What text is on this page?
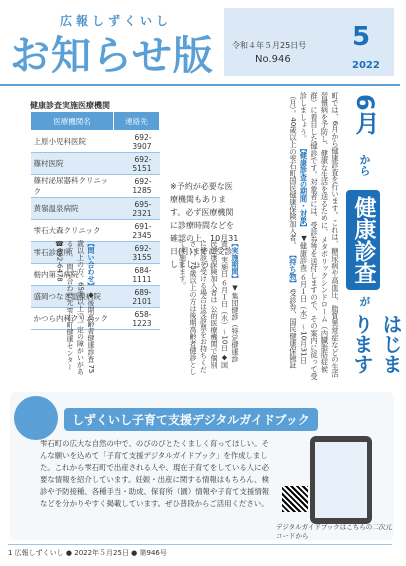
広報しずくいし
お知らせ版 令和４年５月25日号
No.946
5
2022
健康診査実施医療機関
医療機関名	連絡先
上原小児科医院	692-3907
篠村医院	692-5151
篠村泌尿器科クリニック	692-1285
黄嶺温泉病院	695-2321
雫石大森クリニック	691-2345
雫石診療所	692-3155
栃内第二病院	684-1111
盛岡つなぎ温泉病院	689-2101
かつら内科クリニック	658-1223
※予約が必要な医療機関もあります。必ず医療機関に診療時間などを確認の上、10月31日(月)までに受診しましょう。	町では、6月から健康診査を行います。これは、糖尿病や高血圧、脂質異常症などの生活習慣病を予防し、健康な生活を送るために、メタボリックシンドローム（内臓脂肪症候群）に着目した健診です。対象者には、受診券等を送付しますので、その案内に従って受診しましょう。 【健康診査の期間・対象】 ▼健康診査 ６月１日（水）〜10月31日（月）。40歳以上の雫石町国民健康保険加入者。 【持ち物】 受診券、国民健康保険証
6月
から
健康診査
が
はじまります
【実施期間】 ▼集団健診（特定健康診査） 実施日 ６月１日（水）〜10日 ◆国民健康保険加入者は 公的医療機関で個別に健診を受ける場合は受診票をお持ちください。75歳以上の方は後期高齢者健診として実施します。
【問い合わせ】 ◆後期高齢者健康診査 75歳以上の方、65歳以上で一定の障がいがある方。 問い合わせ先 雫石町健康センター ☎692-6478
しずくいし子育て支援デジタルガイドブック
雫石町の広大な自然の中で、のびのびとたくましく育ってほしい。そんな願いを込めて「子育て支援デジタルガイドブック」を作成しました。これから雫石町で出産される人や、現在子育てをしている人に必要な情報を紹介しています。妊娠・出産に関する情報はもちろん、検診や予防接種、各種手当・助成、保育所（園）情報や子育て支援情報などを分かりやすく掲載しています。ぜひ普段からご活用ください。
デジタルガイドブックはこちらの二次元コードから
1 広報しずくいし ● 2022年５月25日 ● 第946号
